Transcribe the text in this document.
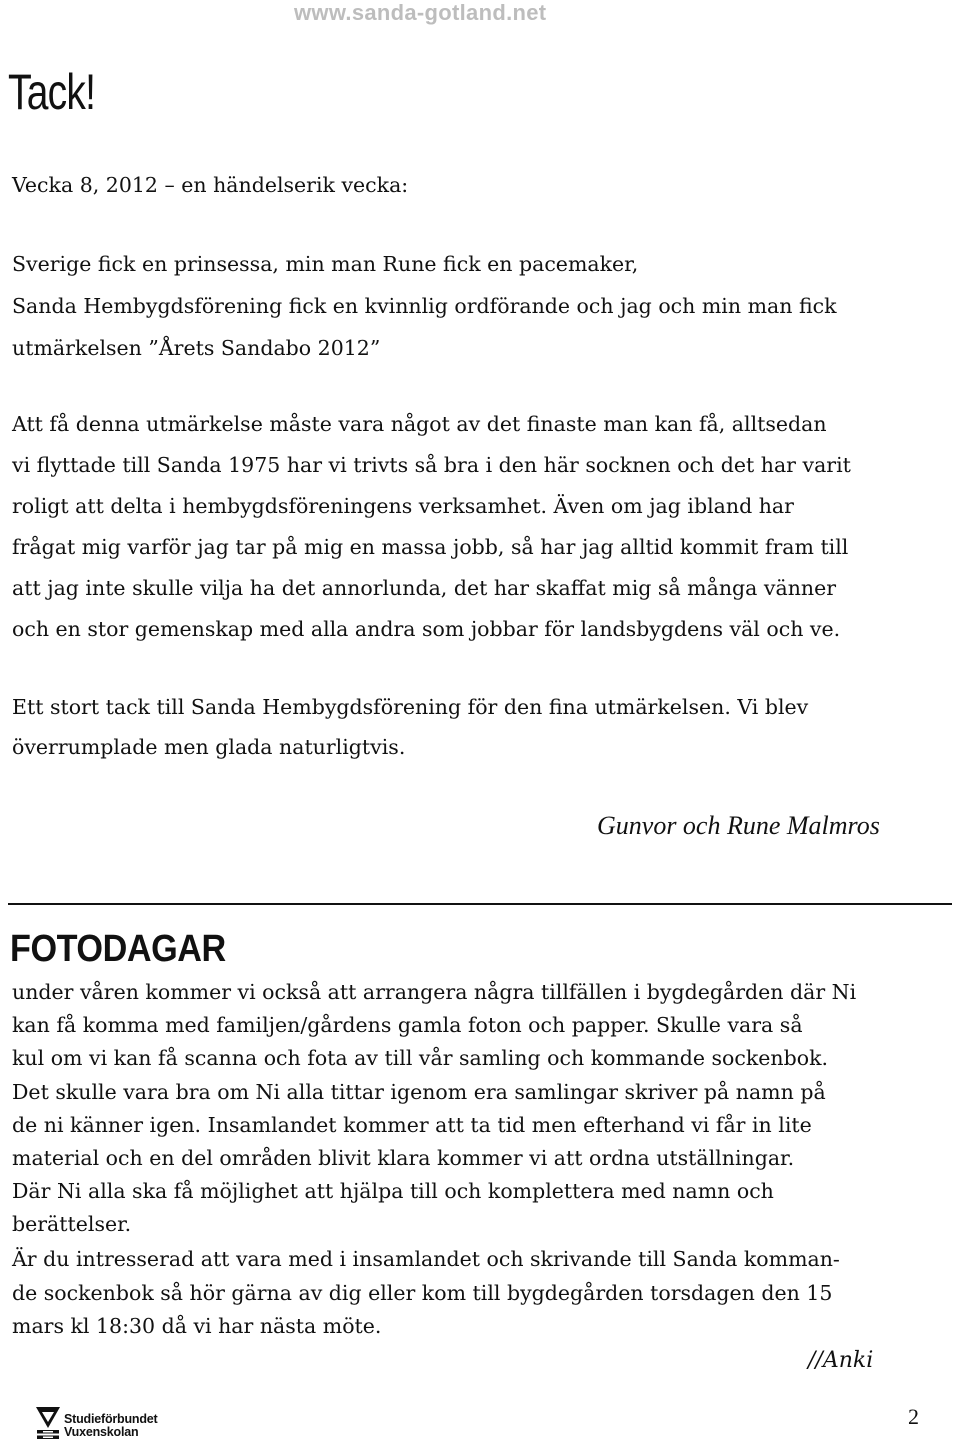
www.sanda-gotland.net
Tack!

Vecka 8, 2012 – en händelserik vecka:

Sverige fick en prinsessa, min man Rune fick en pacemaker,
Sanda Hembygdsförening fick en kvinnlig ordförande och jag och min man fick
utmärkelsen ”Årets Sandabo 2012”

Att få denna utmärkelse måste vara något av det finaste man kan få, alltsedan
vi flyttade till Sanda 1975 har vi trivts så bra i den här socknen och det har varit
roligt att delta i hembygdsföreningens verksamhet. Även om jag ibland har
frågat mig varför jag tar på mig en massa jobb, så har jag alltid kommit fram till
att jag inte skulle vilja ha det annorlunda, det har skaffat mig så många vänner
och en stor gemenskap med alla andra som jobbar för landsbygdens väl och ve.

Ett stort tack till Sanda Hembygdsförening för den fina utmärkelsen. Vi blev
överrumplade men glada naturligtvis.

Gunvor och Rune Malmros
FOTODAGAR

under våren kommer vi också att arrangera några tillfällen i bygdegården där Ni
kan få komma med familjen/gårdens gamla foton och papper. Skulle vara så
kul om vi kan få scanna och fota av till vår samling och kommande sockenbok.
Det skulle vara bra om Ni alla tittar igenom era samlingar skriver på namn på
de ni känner igen. Insamlandet kommer att ta tid men efterhand vi får in lite
material och en del områden blivit klara kommer vi att ordna utställningar.
Där Ni alla ska få möjlighet att hjälpa till och komplettera med namn och
berättelser.

Är du intresserad att vara med i insamlandet och skrivande till Sanda komman-
de sockenbok så hör gärna av dig eller kom till bygdegården torsdagen den 15
mars kl 18:30 då vi har nästa möte.

//Anki
Studieförbundet
Vuxenskolan
2
